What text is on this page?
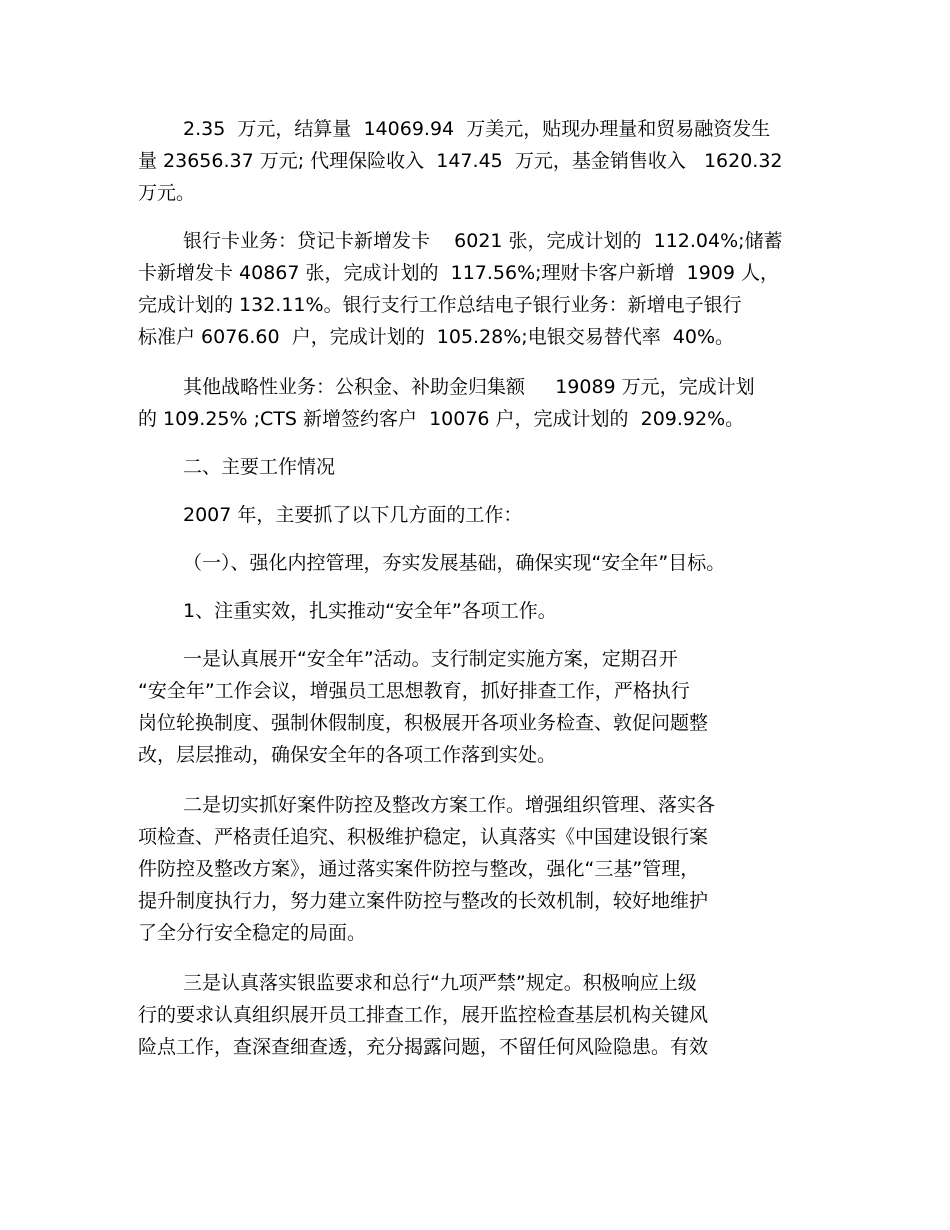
2.35  万元，结算量  14069.94  万美元，贴现办理量和贸易融资发生
量 23656.37 万元; 代理保险收入  147.45  万元，基金销售收入   1620.32
万元。
银行卡业务：贷记卡新增发卡    6021 张，完成计划的  112.04%;储蓄
卡新增发卡 40867 张，完成计划的  117.56%;理财卡客户新增  1909 人，
完成计划的 132.11%。银行支行工作总结电子银行业务：新增电子银行
标准户 6076.60  户，完成计划的  105.28%;电银交易替代率  40%。
其他战略性业务：公积金、补助金归集额     19089 万元，完成计划
的 109.25% ;CTS 新增签约客户  10076 户，完成计划的  209.92%。
二、主要工作情况
2007 年，主要抓了以下几方面的工作：
（一）、强化内控管理，夯实发展基础，确保实现“安全年”目标。
1、注重实效，扎实推动“安全年”各项工作。
一是认真展开“安全年”活动。支行制定实施方案，定期召开
“安全年”工作会议，增强员工思想教育，抓好排查工作，严格执行
岗位轮换制度、强制休假制度，积极展开各项业务检查、敦促问题整
改，层层推动，确保安全年的各项工作落到实处。
二是切实抓好案件防控及整改方案工作。增强组织管理、落实各
项检查、严格责任追究、积极维护稳定，认真落实《中国建设银行案
件防控及整改方案》，通过落实案件防控与整改，强化“三基”管理，
提升制度执行力，努力建立案件防控与整改的长效机制，较好地维护
了全分行安全稳定的局面。
三是认真落实银监要求和总行“九项严禁”规定。积极响应上级
行的要求认真组织展开员工排查工作，展开监控检查基层机构关键风
险点工作，查深查细查透，充分揭露问题，不留任何风险隐患。有效
